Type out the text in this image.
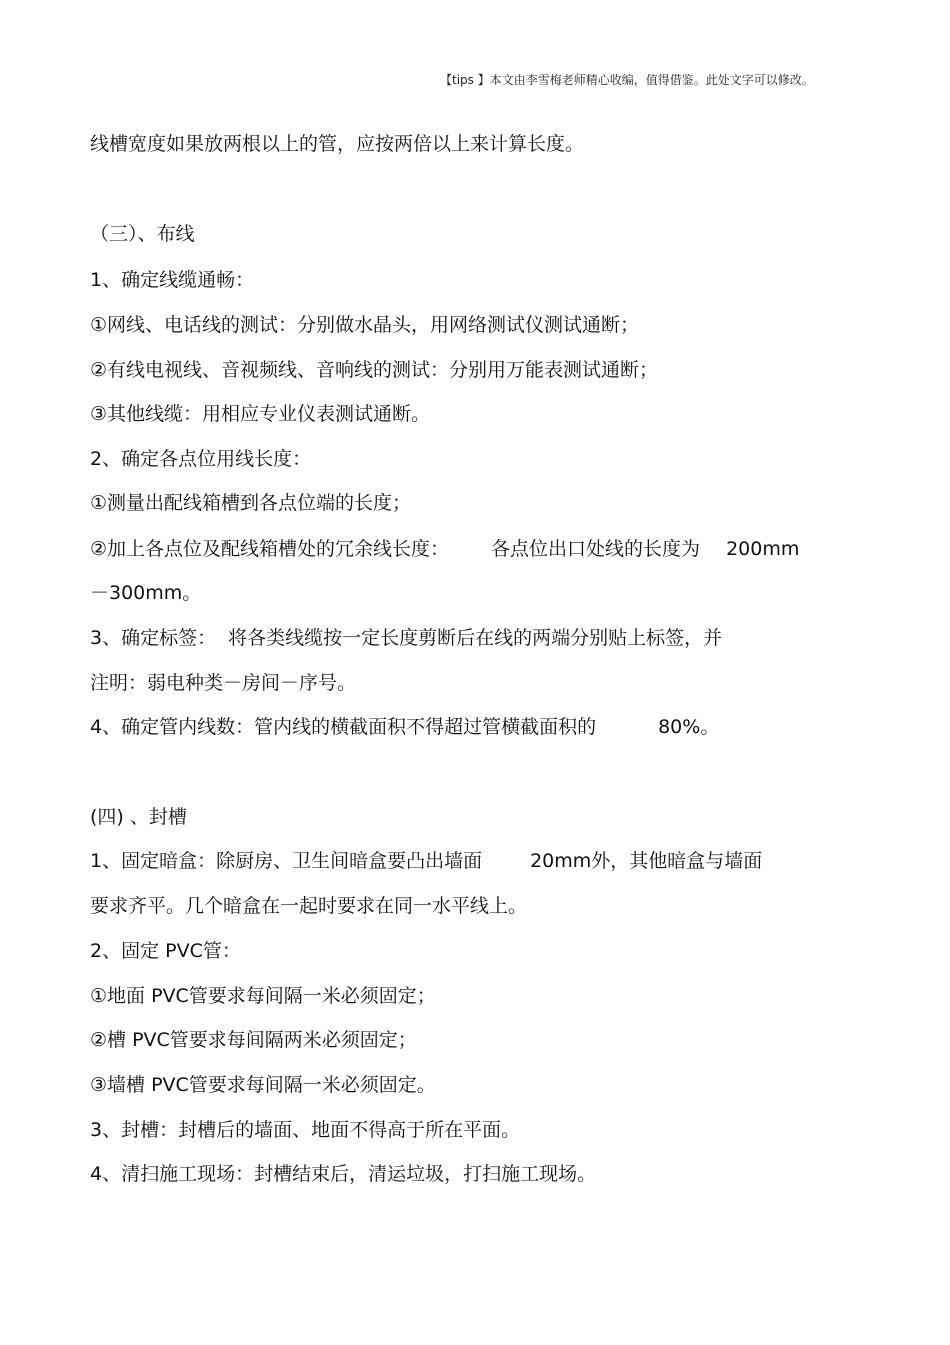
【tips 】本文由李雪梅老师精心收编，值得借鉴。此处文字可以修改。
线槽宽度如果放两根以上的管，应按两倍以上来计算长度。
（三）、布线
1、确定线缆通畅：
①网线、电话线的测试：分别做水晶头，用网络测试仪测试通断；
②有线电视线、音视频线、音响线的测试：分别用万能表测试通断；
③其他线缆：用相应专业仪表测试通断。
2、确定各点位用线长度：
①测量出配线箱槽到各点位端的长度；
②加上各点位及配线箱槽处的冗余线长度： 各点位出口处线的长度为 200mm
－300mm。
3、确定标签： 将各类线缆按一定长度剪断后在线的两端分别贴上标签，并
注明：弱电种类－房间－序号。
4、确定管内线数：管内线的横截面积不得超过管横截面积的	80%。
(四) 、封槽
1、固定暗盒：除厨房、卫生间暗盒要凸出墙面	20mm外，其他暗盒与墙面
要求齐平。几个暗盒在一起时要求在同一水平线上。
2、固定 PVC管：
①地面 PVC管要求每间隔一米必须固定；
②槽 PVC管要求每间隔两米必须固定；
③墙槽 PVC管要求每间隔一米必须固定。
3、封槽：封槽后的墙面、地面不得高于所在平面。
4、清扫施工现场：封槽结束后，清运垃圾，打扫施工现场。
